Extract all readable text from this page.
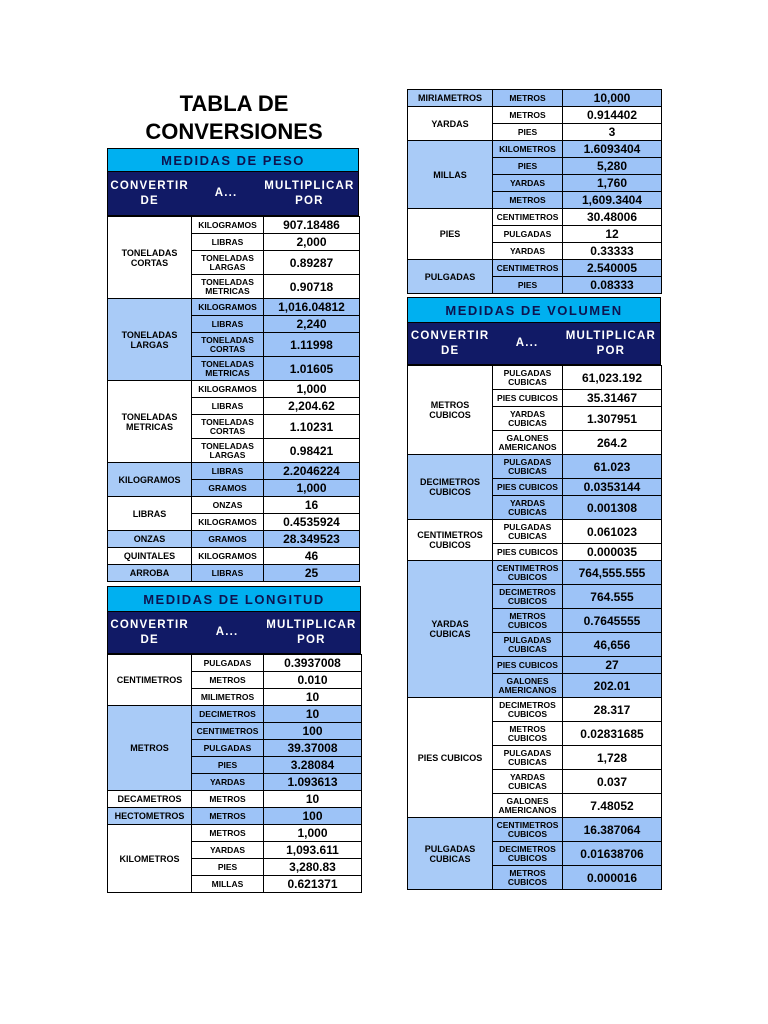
TABLA DE
CONVERSIONES
MEDIDAS DE PESO
CONVERTIR
DE
A...
MULTIPLICAR
POR
TONELADAS
CORTAS	KILOGRAMOS	907.18486
	LIBRAS	2,000
	TONELADAS
LARGAS	0.89287
	TONELADAS
METRICAS	0.90718
TONELADAS
LARGAS	KILOGRAMOS	1,016.04812
	LIBRAS	2,240
	TONELADAS
CORTAS	1.11998
	TONELADAS
METRICAS	1.01605
TONELADAS
METRICAS	KILOGRAMOS	1,000
	LIBRAS	2,204.62
	TONELADAS
CORTAS	1.10231
	TONELADAS
LARGAS	0.98421
KILOGRAMOS	LIBRAS	2.2046224
	GRAMOS	1,000
LIBRAS	ONZAS	16
	KILOGRAMOS	0.4535924
ONZAS	GRAMOS	28.349523
QUINTALES	KILOGRAMOS	46
ARROBA	LIBRAS	25
MEDIDAS DE LONGITUD
CONVERTIR
DE
A...
MULTIPLICAR
POR
CENTIMETROS	PULGADAS	0.3937008
	METROS	0.010
	MILIMETROS	10
METROS	DECIMETROS	10
	CENTIMETROS	100
	PULGADAS	39.37008
	PIES	3.28084
	YARDAS	1.093613
DECAMETROS	METROS	10
HECTOMETROS	METROS	100
KILOMETROS	METROS	1,000
	YARDAS	1,093.611
	PIES	3,280.83
	MILLAS	0.621371
MIRIAMETROS	METROS	10,000
YARDAS	METROS	0.914402
	PIES	3
MILLAS	KILOMETROS	1.6093404
	PIES	5,280
	YARDAS	1,760
	METROS	1,609.3404
PIES	CENTIMETROS	30.48006
	PULGADAS	12
	YARDAS	0.33333
PULGADAS	CENTIMETROS	2.540005
	PIES	0.08333
MEDIDAS DE VOLUMEN
CONVERTIR
DE
A...
MULTIPLICAR
POR
METROS
CUBICOS	PULGADAS
CUBICAS	61,023.192
	PIES CUBICOS	35.31467
	YARDAS
CUBICAS	1.307951
	GALONES
AMERICANOS	264.2
DECIMETROS
CUBICOS	PULGADAS
CUBICAS	61.023
	PIES CUBICOS	0.0353144
	YARDAS
CUBICAS	0.001308
CENTIMETROS
CUBICOS	PULGADAS
CUBICAS	0.061023
	PIES CUBICOS	0.000035
YARDAS
CUBICAS	CENTIMETROS
CUBICOS	764,555.555
	DECIMETROS
CUBICOS	764.555
	METROS
CUBICOS	0.7645555
	PULGADAS
CUBICAS	46,656
	PIES CUBICOS	27
	GALONES
AMERICANOS	202.01
PIES CUBICOS	DECIMETROS
CUBICOS	28.317
	METROS
CUBICOS	0.02831685
	PULGADAS
CUBICAS	1,728
	YARDAS
CUBICAS	0.037
	GALONES
AMERICANOS	7.48052
PULGADAS
CUBICAS	CENTIMETROS
CUBICOS	16.387064
	DECIMETROS
CUBICOS	0.01638706
	METROS
CUBICOS	0.000016
